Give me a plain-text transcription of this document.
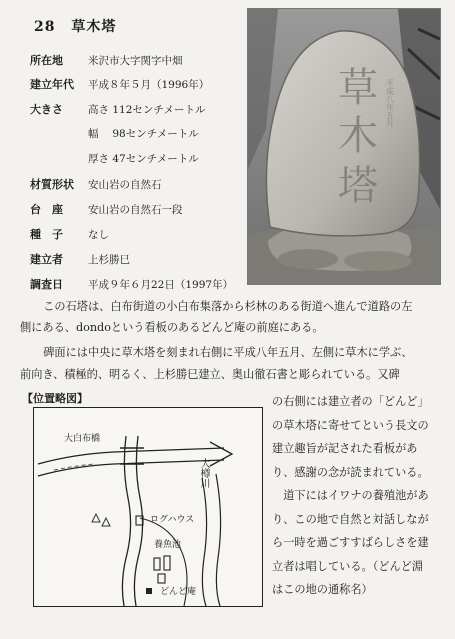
28 草木塔
所在地 米沢市大字関字中畑
建立年代 平成８年５月（1996年）
大きさ 高さ 112センチメートル
幅　 98センチメートル
厚さ 47センチメートル
材質形状 安山岩の自然石
台　座 安山岩の自然石一段
種　子 なし
建立者 上杉勝巳
調査日 平成９年６月22日（1997年）
草
木
塔
平成八年五月
　この石塔は、白布街道の小白布集落から杉林のある街道へ進んで道路の左
側にある、dondoという看板のあるどんど庵の前庭にある。
　碑面には中央に草木塔を刻まれ右側に平成八年五月、左側に草木に学ぶ、
前向き、積極的、明るく、上杉勝巳建立、奥山徹石書と彫られている。又碑
【位置略図】
大白布橋
大樽川
ログハウス
養魚池
どんど庵
の右側には建立者の「どんど」
の草木塔に寄せてという長文の
建立趣旨が記された看板があ
り、感謝の念が読まれている。
　道下にはイワナの養殖池があ
り、この地で自然と対話しなが
ら一時を過ごすすばらしさを建
立者は唱している。（どんど淵
はこの地の通称名）
